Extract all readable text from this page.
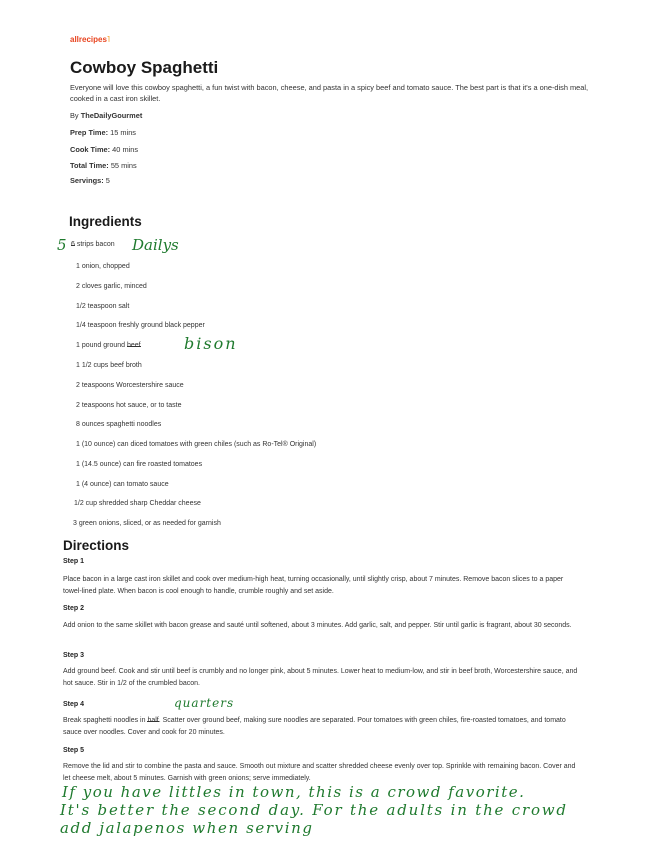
allrecipes˥
Cowboy Spaghetti
Everyone will love this cowboy spaghetti, a fun twist with bacon, cheese, and pasta in a spicy beef and tomato sauce. The best part is that it's a one-dish meal, cooked in a cast iron skillet.
By TheDailyGourmet
Prep Time: 15 mins
Cook Time: 40 mins
Total Time: 55 mins
Servings: 5
Ingredients
5 6 strips bacon Dailys
1 onion, chopped
2 cloves garlic, minced
1/2 teaspoon salt
1/4 teaspoon freshly ground black pepper
1 pound ground beef	bison
1 1/2 cups beef broth
2 teaspoons Worcestershire sauce
2 teaspoons hot sauce, or to taste
8 ounces spaghetti noodles
1 (10 ounce) can diced tomatoes with green chiles (such as Ro-Tel® Original)
1 (14.5 ounce) can fire roasted tomatoes
1 (4 ounce) can tomato sauce
1/2 cup shredded sharp Cheddar cheese
3 green onions, sliced, or as needed for garnish
Directions
Step 1
Place bacon in a large cast iron skillet and cook over medium-high heat, turning occasionally, until slightly crisp, about 7 minutes. Remove bacon slices to a paper towel-lined plate. When bacon is cool enough to handle, crumble roughly and set aside.
Step 2
Add onion to the same skillet with bacon grease and sauté until softened, about 3 minutes. Add garlic, salt, and pepper. Stir until garlic is fragrant, about 30 seconds.
Step 3
Add ground beef. Cook and stir until beef is crumbly and no longer pink, about 5 minutes. Lower heat to medium-low, and stir in beef broth, Worcestershire sauce, and hot sauce. Stir in 1/2 of the crumbled bacon.
Step 4	quarters
Break spaghetti noodles in half. Scatter over ground beef, making sure noodles are separated. Pour tomatoes with green chiles, fire-roasted tomatoes, and tomato sauce over noodles. Cover and cook for 20 minutes.
Step 5
Remove the lid and stir to combine the pasta and sauce. Smooth out mixture and scatter shredded cheese evenly over top. Sprinkle with remaining bacon. Cover and let cheese melt, about 5 minutes. Garnish with green onions; serve immediately.
If you have littles in town, this is a crowd favorite.
It's better the second day. For the adults in the crowd
add jalapenos when serving
